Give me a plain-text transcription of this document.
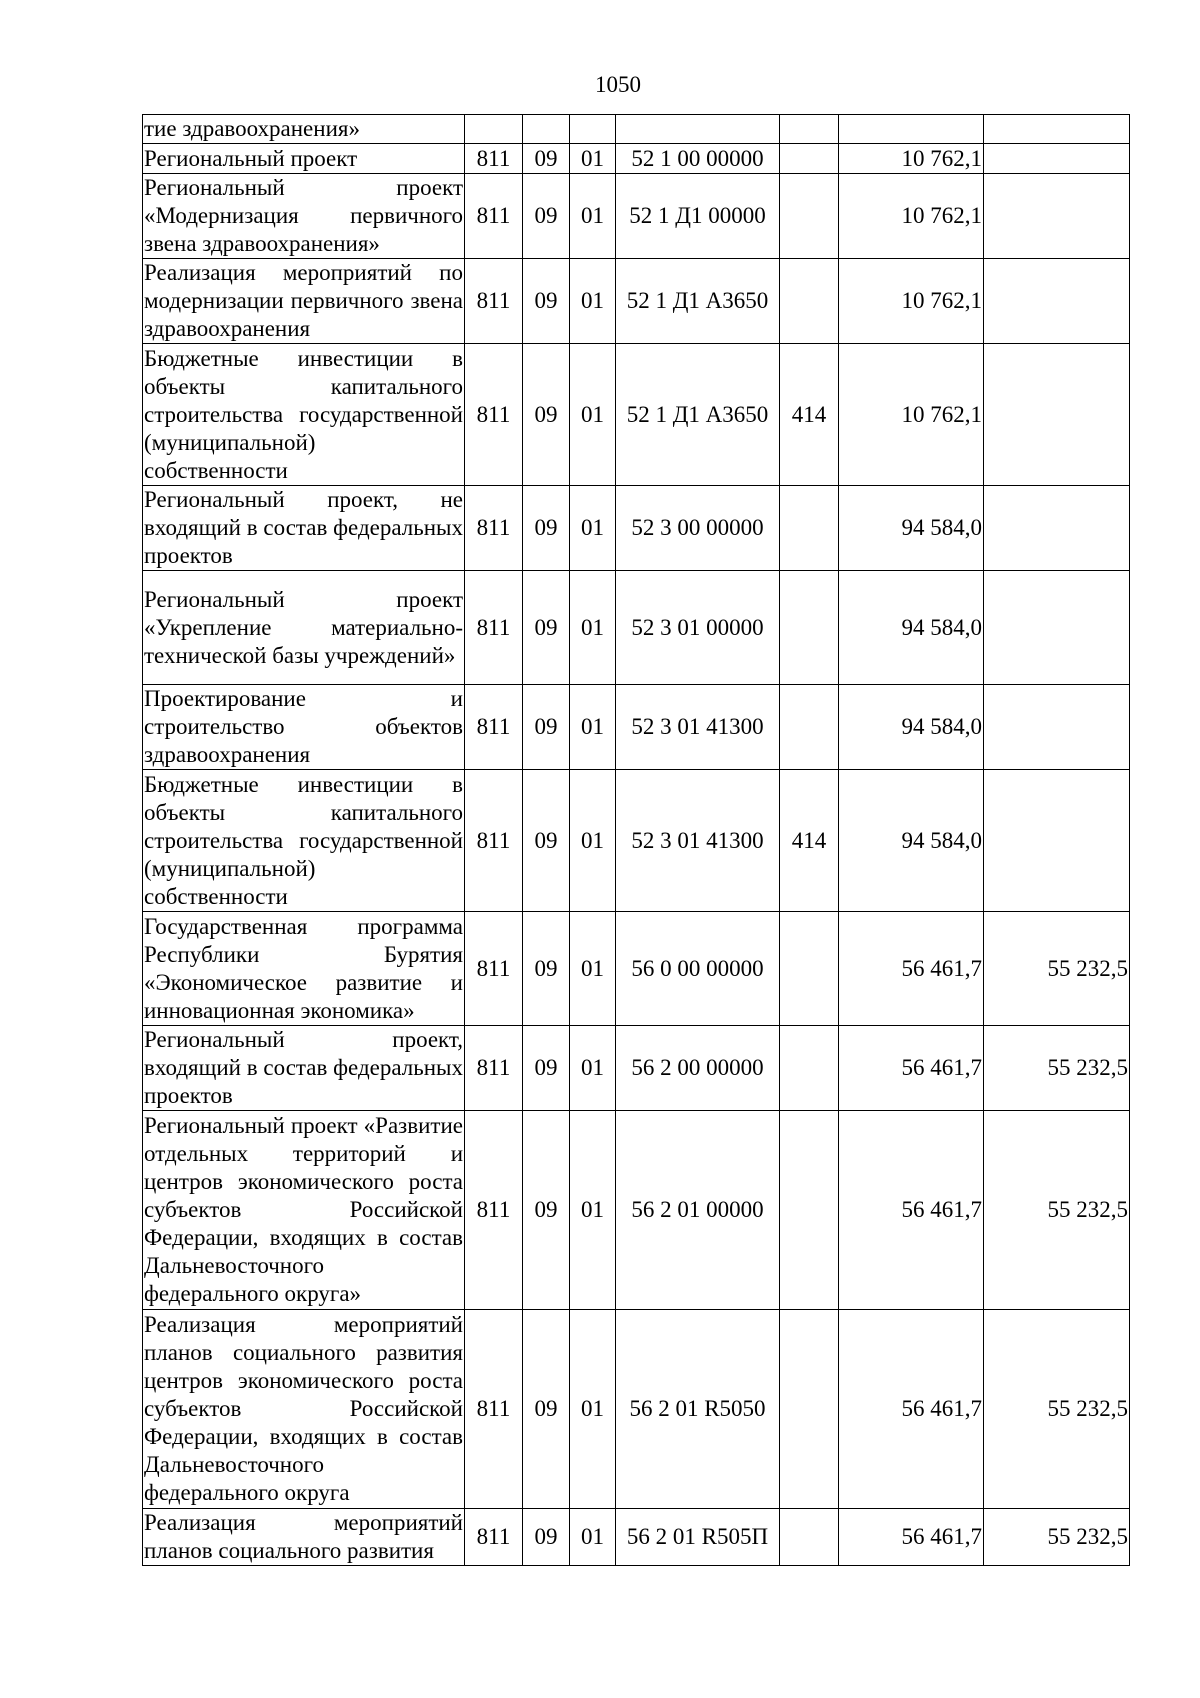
1050
тие здравоохранения»							
Региональный проект	811	09	01	52 1 00 00000		10 762,1	
Региональный проект «Модернизация первичного звена здравоохранения»	811	09	01	52 1 Д1 00000		10 762,1	
Реализация мероприятий по модернизации первичного звена здравоохранения	811	09	01	52 1 Д1 А3650		10 762,1	
Бюджетные инвестиции в объекты капитального строительства государственной (муниципальной) собственности	811	09	01	52 1 Д1 А3650	414	10 762,1	
Региональный проект, не входящий в состав федеральных проектов	811	09	01	52 3 00 00000		94 584,0	
Региональный проект «Укрепление материально-технической базы учреждений»	811	09	01	52 3 01 00000		94 584,0	
Проектирование и строительство объектов здравоохранения	811	09	01	52 3 01 41300		94 584,0	
Бюджетные инвестиции в объекты капитального строительства государственной (муниципальной) собственности	811	09	01	52 3 01 41300	414	94 584,0	
Государственная программа Республики Бурятия «Экономическое развитие и инновационная экономика»	811	09	01	56 0 00 00000		56 461,7	55 232,5
Региональный проект, входящий в состав федеральных проектов	811	09	01	56 2 00 00000		56 461,7	55 232,5
Региональный проект «Развитие отдельных территорий и центров экономического роста субъектов Российской Федерации, входящих в состав Дальневосточного федерального округа»	811	09	01	56 2 01 00000		56 461,7	55 232,5
Реализация мероприятий планов социального развития центров экономического роста субъектов Российской Федерации, входящих в состав Дальневосточного федерального округа	811	09	01	56 2 01 R5050		56 461,7	55 232,5
Реализация мероприятий планов социального развития	811	09	01	56 2 01 R505П		56 461,7	55 232,5
